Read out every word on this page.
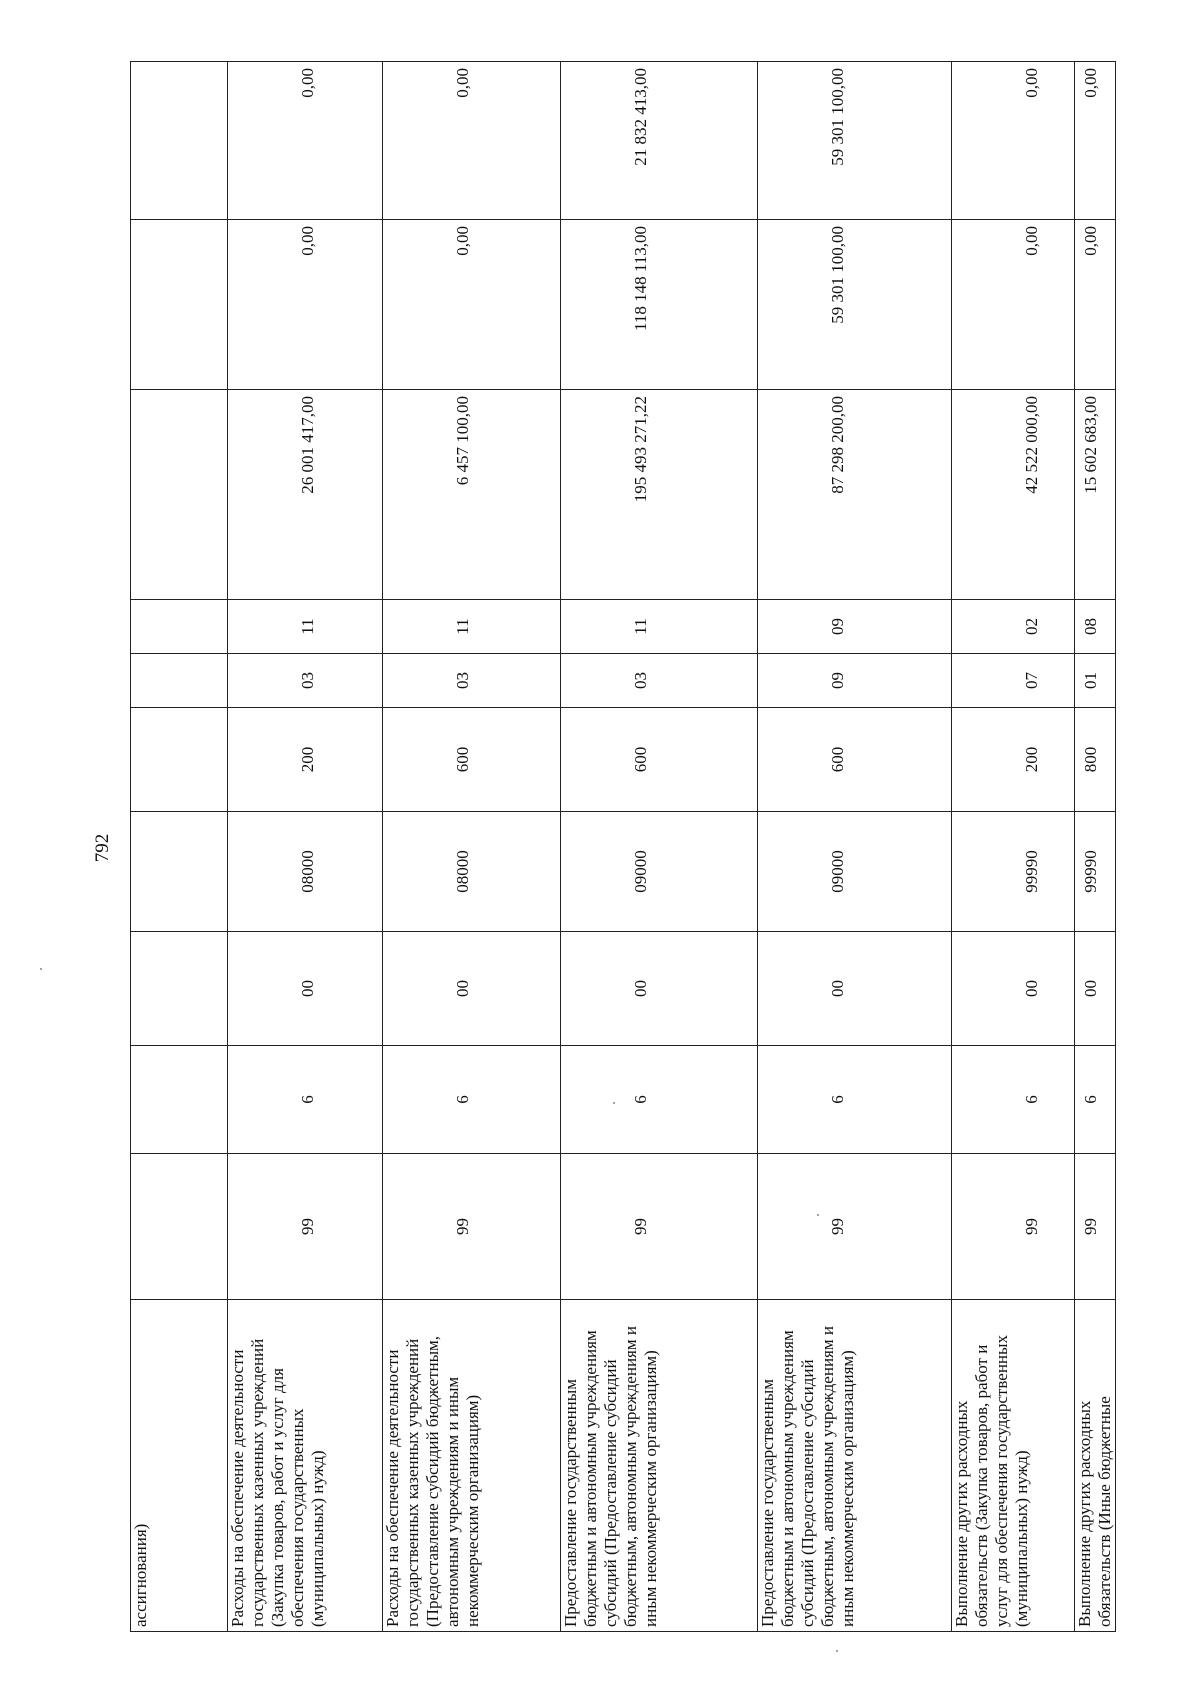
792
ассигнования)										
Расходы на обеспечение деятельности государственных казенных учреждений (Закупка товаров, работ и услуг для обеспечения государственных (муниципальных) нужд)	99	6	00	08000	200	03	11	26 001 417,00	0,00	0,00
Расходы на обеспечение деятельности государственных казенных учреждений (Предоставление субсидий бюджетным, автономным учреждениям и иным некоммерческим организациям)	99	6	00	08000	600	03	11	6 457 100,00	0,00	0,00
Предоставление государственным бюджетным и автономным учреждениям субсидий (Предоставление субсидий бюджетным, автономным учреждениям и иным некоммерческим организациям)	99	6	00	09000	600	03	11	195 493 271,22	118 148 113,00	21 832 413,00
Предоставление государственным бюджетным и автономным учреждениям субсидий (Предоставление субсидий бюджетным, автономным учреждениям и иным некоммерческим организациям)	99	6	00	09000	600	09	09	87 298 200,00	59 301 100,00	59 301 100,00
Выполнение других расходных обязательств (Закупка товаров, работ и услуг для обеспечения государственных (муниципальных) нужд)	99	6	00	99990	200	07	02	42 522 000,00	0,00	0,00
Выполнение других расходных обязательств (Иные бюджетные	99	6	00	99990	800	01	08	15 602 683,00	0,00	0,00
